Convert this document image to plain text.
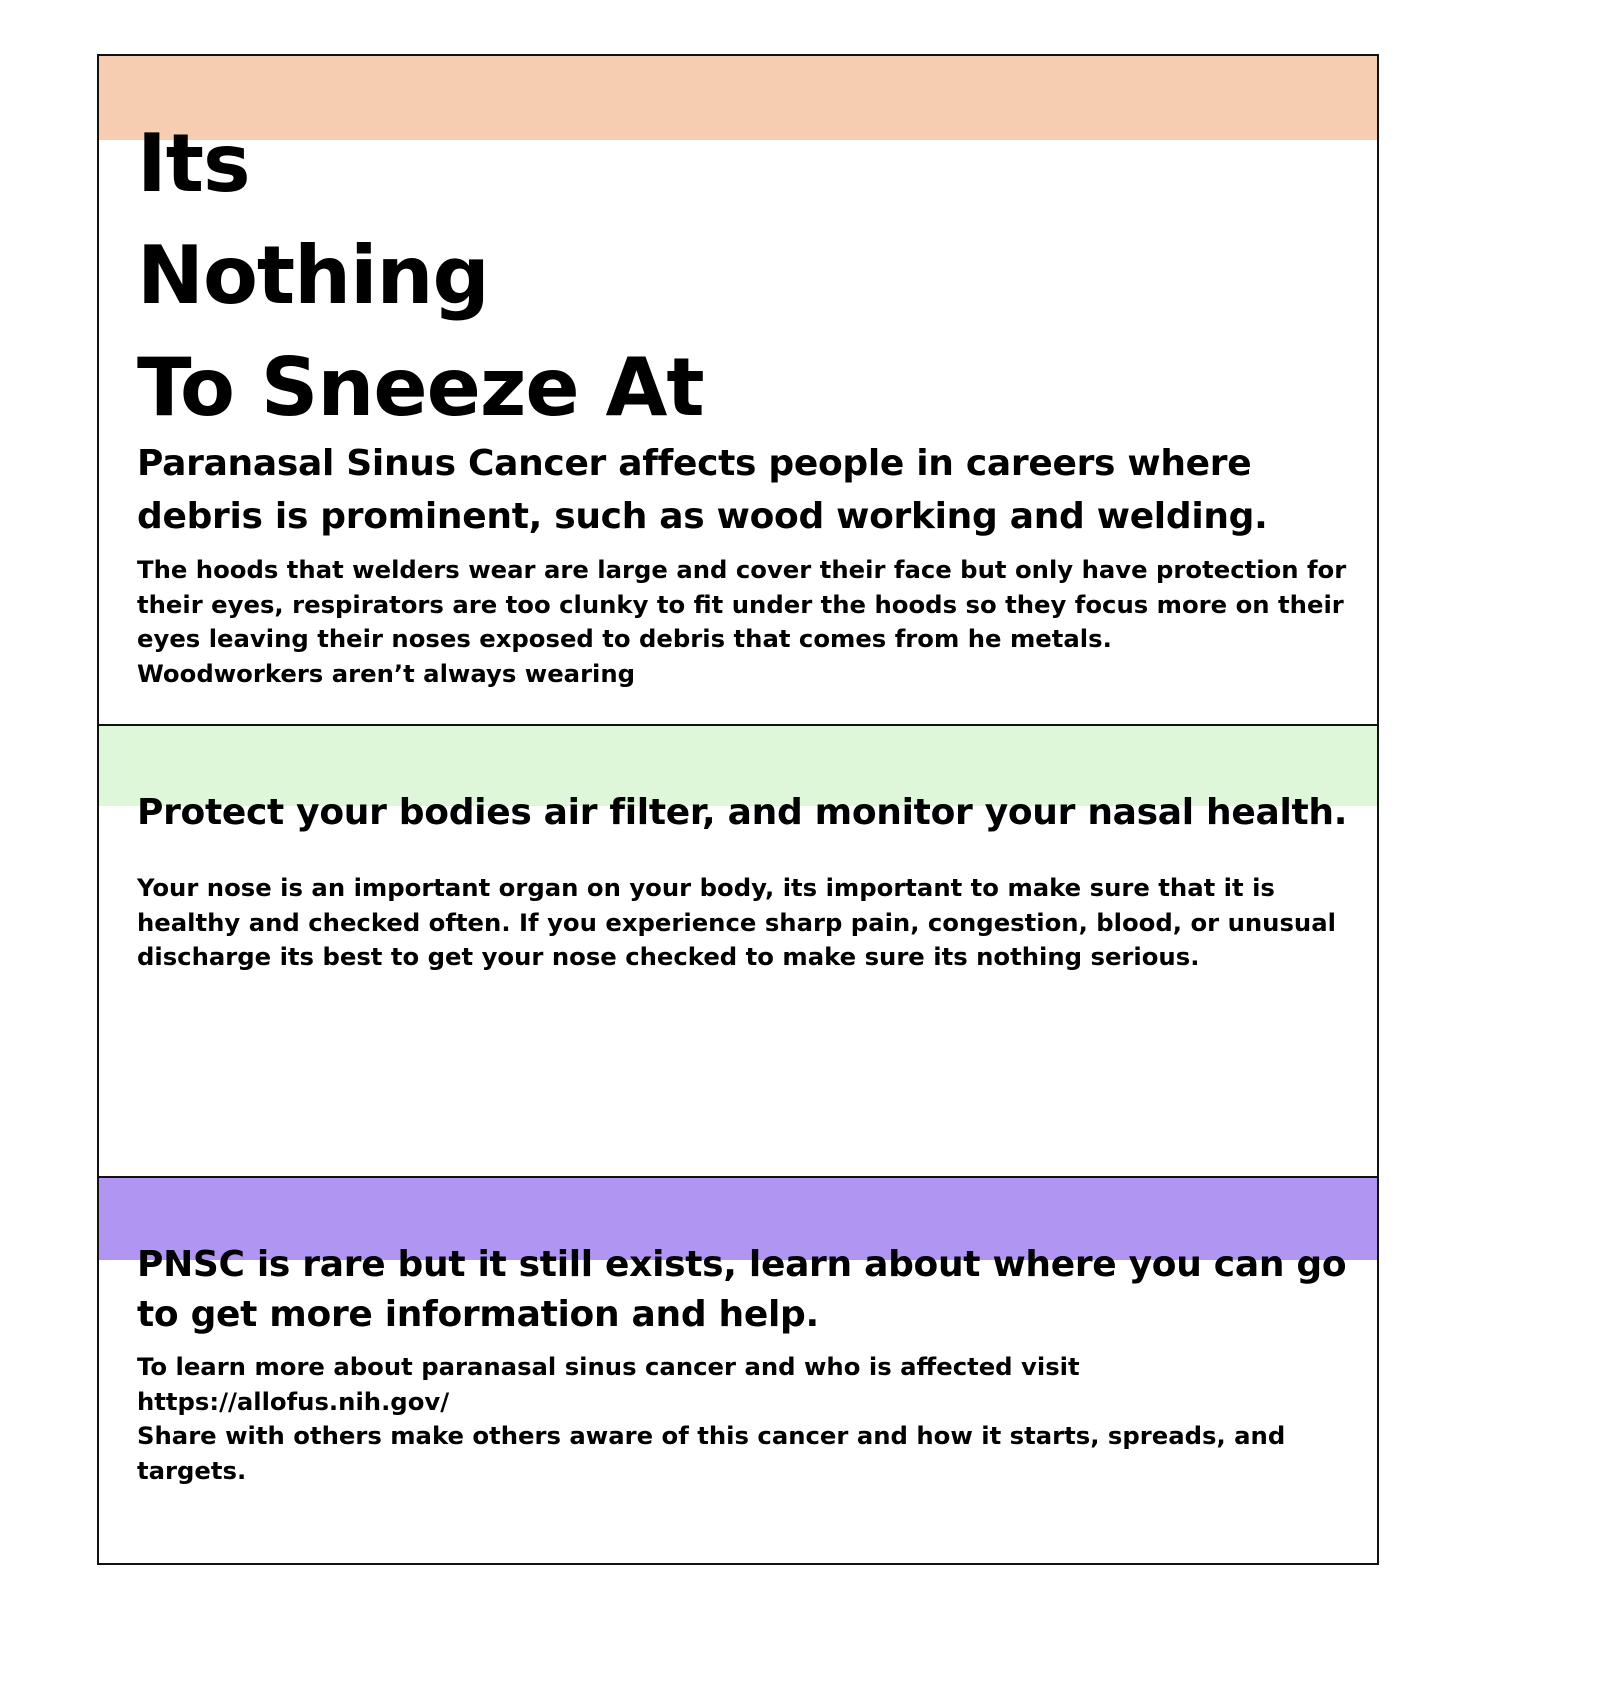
Its
Nothing
To Sneeze At

Paranasal Sinus Cancer affects people in careers where debris is prominent, such as wood working and welding.

The hoods that welders wear are large and cover their face but only have protection for their eyes, respirators are too clunky to fit under the hoods so they focus more on their eyes leaving their noses exposed to debris that comes from he metals.
Woodworkers aren’t always wearing

Protect your bodies air filter, and monitor your nasal health.

Your nose is an important organ on your body, its important to make sure that it is healthy and checked often. If you experience sharp pain, congestion, blood, or unusual discharge its best to get your nose checked to make sure its nothing serious.

PNSC is rare but it still exists, learn about where you can go to get more information and help.

To learn more about paranasal sinus cancer and who is affected visit https://allofus.nih.gov/
Share with others make others aware of this cancer and how it starts, spreads, and targets.
